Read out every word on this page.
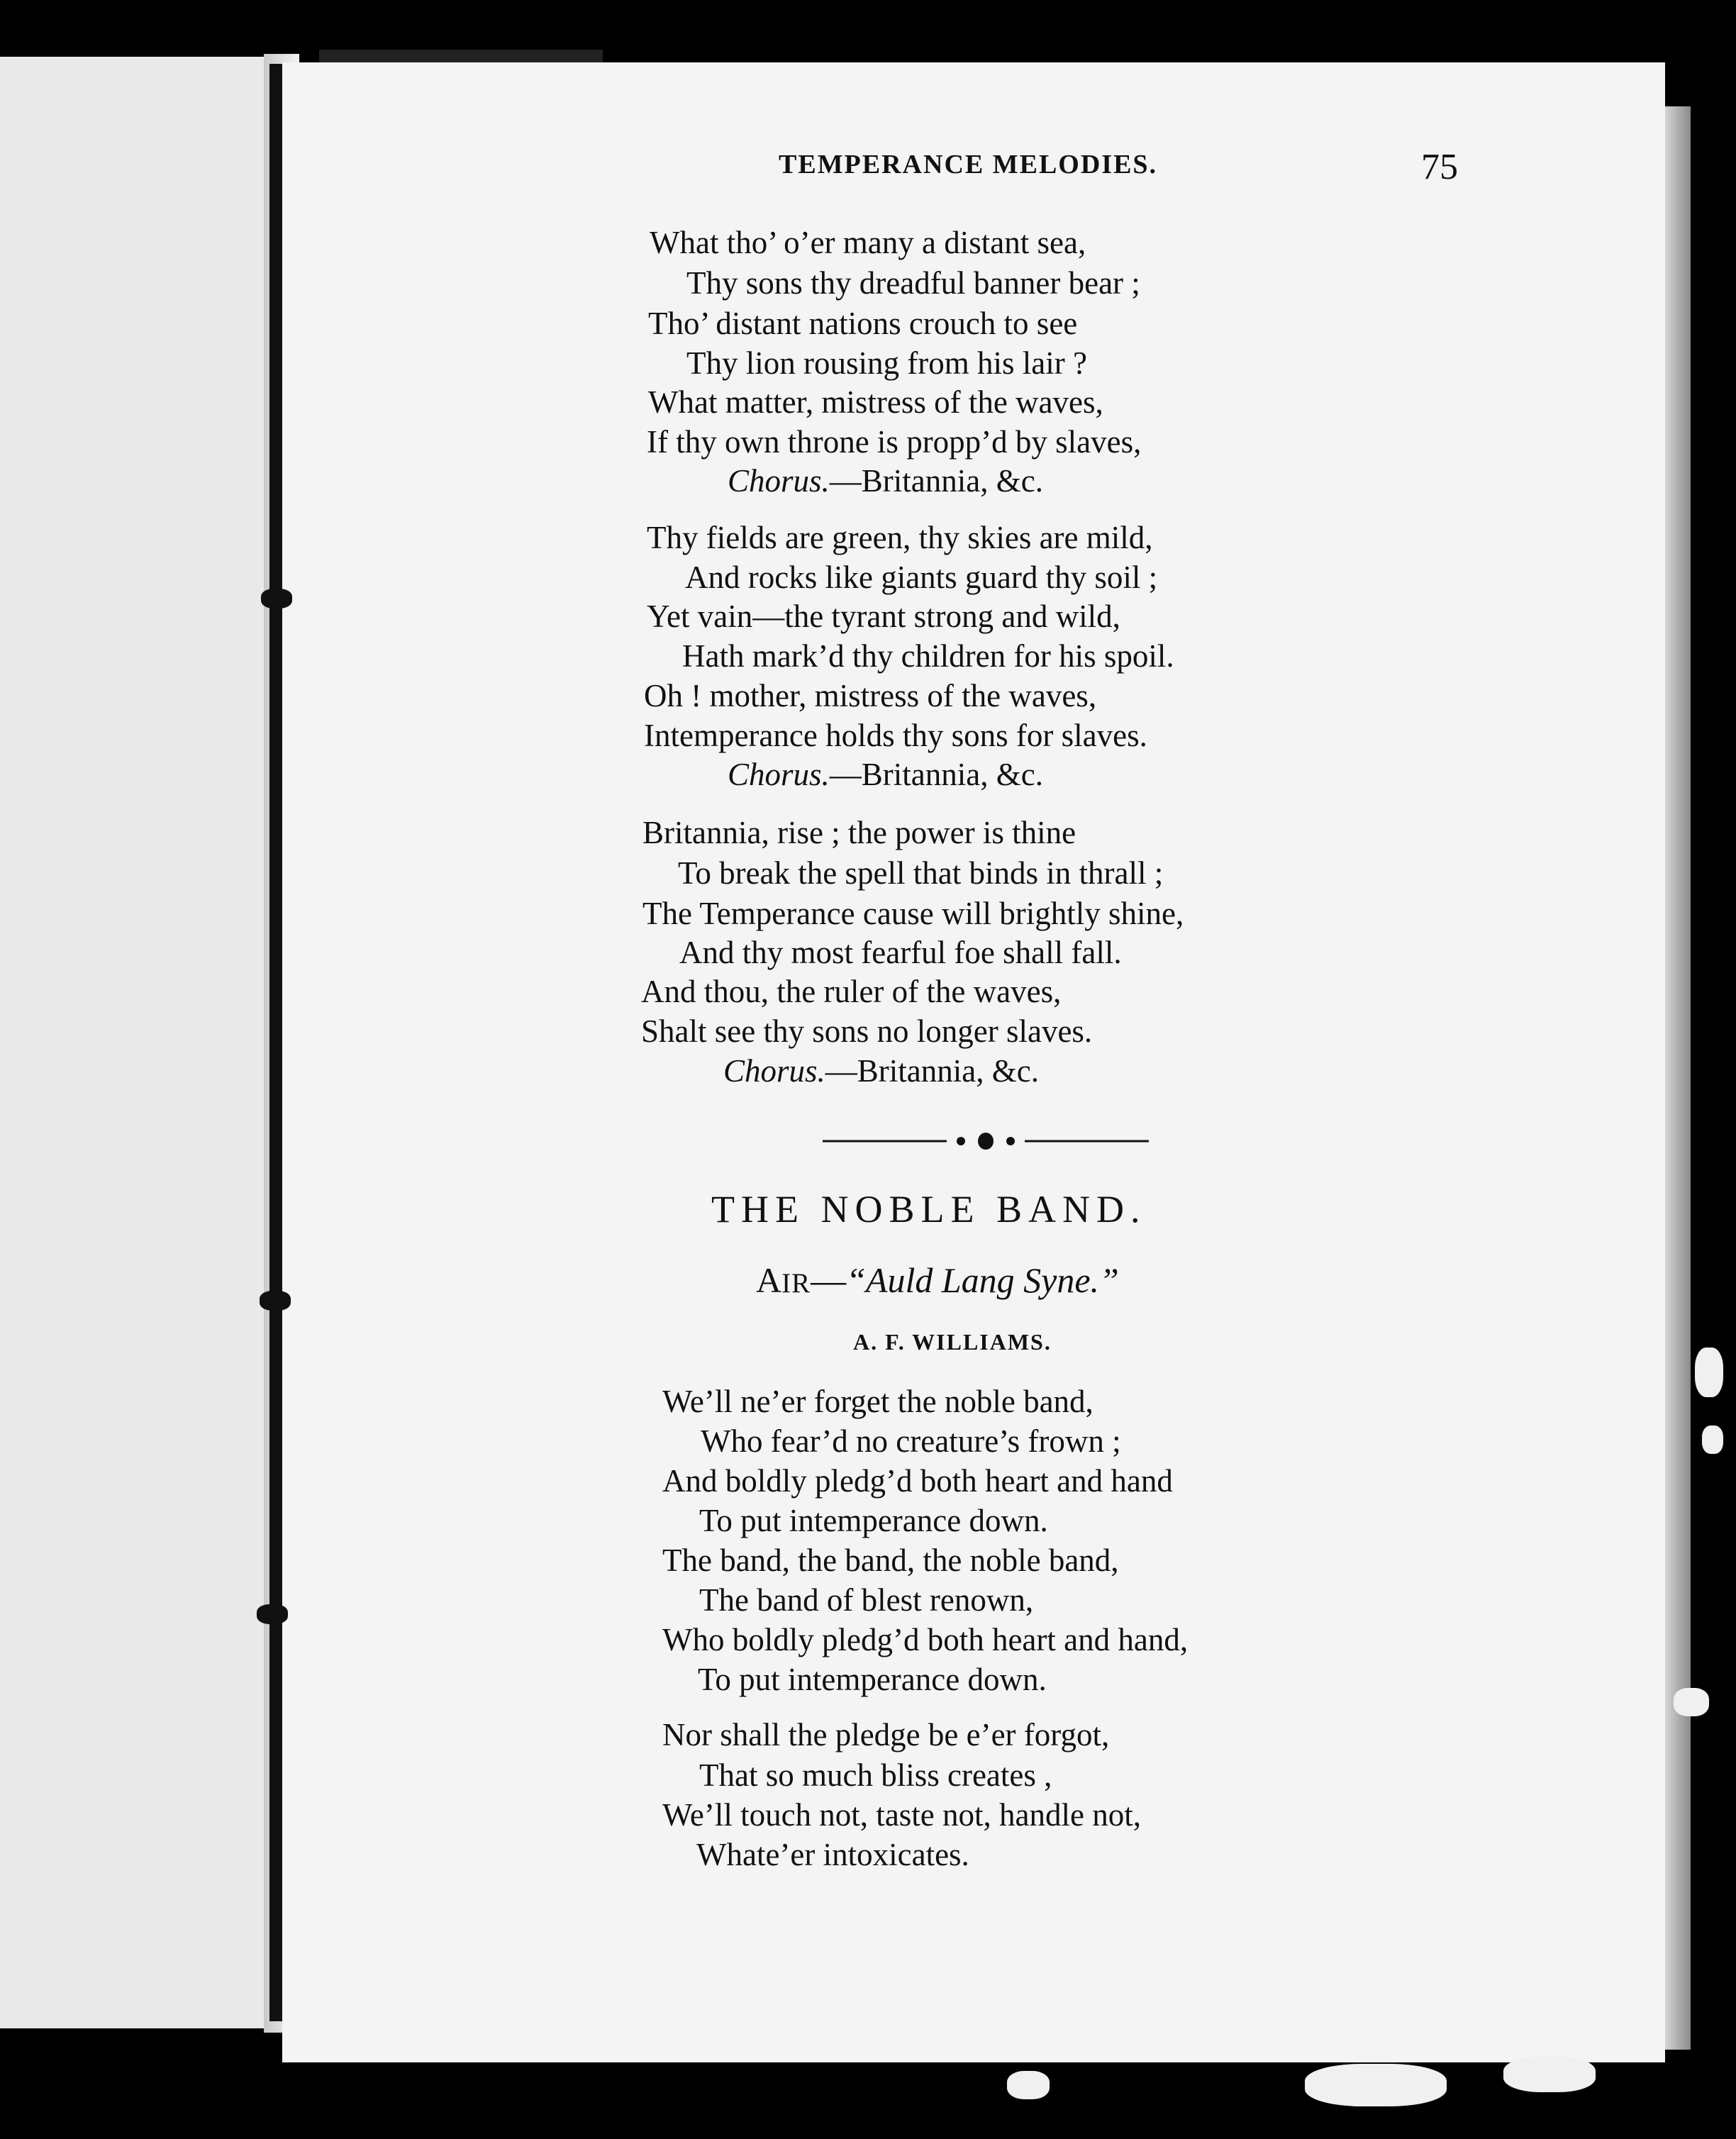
TEMPERANCE MELODIES.	75
What tho’ o’er many a distant sea,
Thy sons thy dreadful banner bear ;
Tho’ distant nations crouch to see
Thy lion rousing from his lair ?
What matter, mistress of the waves,
If thy own throne is propp’d by slaves,
Chorus.—Britannia, &c.
Thy fields are green, thy skies are mild,
And rocks like giants guard thy soil ;
Yet vain—the tyrant strong and wild,
Hath mark’d thy children for his spoil.
Oh ! mother, mistress of the waves,
Intemperance holds thy sons for slaves.
Chorus.—Britannia, &c.
Britannia, rise ; the power is thine
To break the spell that binds in thrall ;
The Temperance cause will brightly shine,
And thy most fearful foe shall fall.
And thou, the ruler of the waves,
Shalt see thy sons no longer slaves.
Chorus.—Britannia, &c.
THE NOBLE BAND.
AIR—“Auld Lang Syne.”
A. F. WILLIAMS.
We’ll ne’er forget the noble band,
Who fear’d no creature’s frown ;
And boldly pledg’d both heart and hand
To put intemperance down.
The band, the band, the noble band,
The band of blest renown,
Who boldly pledg’d both heart and hand,
To put intemperance down.
Nor shall the pledge be e’er forgot,
That so much bliss creates ,
We’ll touch not, taste not, handle not,
Whate’er intoxicates.
